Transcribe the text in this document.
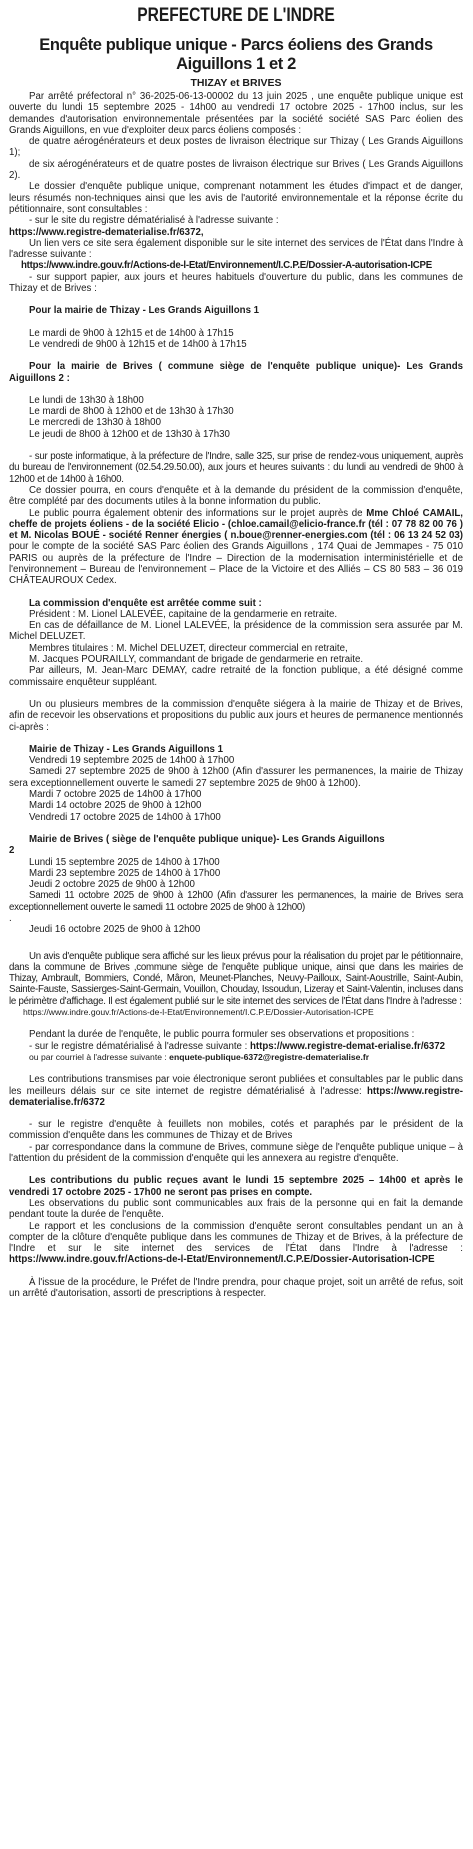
PREFECTURE DE L'INDRE
Enquête publique unique - Parcs éoliens des Grands Aiguillons 1 et 2
THIZAY et BRIVES

Par arrêté préfectoral n° 36-2025-06-13-00002 du 13 juin 2025 , une enquête publique unique est ouverte du lundi 15 septembre 2025 - 14h00 au vendredi 17 octobre 2025 - 17h00 inclus, sur les demandes d'autorisation environnementale présentées par la société société SAS Parc éolien des Grands Aiguillons, en vue d'exploiter deux parcs éoliens composés :

de quatre aérogénérateurs et deux postes de livraison électrique sur Thizay ( Les Grands Aiguillons 1);

de six aérogénérateurs et de quatre postes de livraison électrique sur Brives ( Les Grands Aiguillons 2).

Le dossier d'enquête publique unique, comprenant notamment les études d'impact et de danger, leurs résumés non-techniques ainsi que les avis de l'autorité environnementale et la réponse écrite du pétitionnaire, sont consultables :

- sur le site du registre dématérialisé à l'adresse suivante :

https://www.registre-dematerialise.fr/6372,

Un lien vers ce site sera également disponible sur le site internet des services de l'État dans l'Indre à l'adresse suivante :

https://www.indre.gouv.fr/Actions-de-l-Etat/Environnement/I.C.P.E/Dossier-A-autorisation-ICPE

- sur support papier, aux jours et heures habituels d'ouverture du public, dans les communes de Thizay et de Brives :

Pour la mairie de Thizay - Les Grands Aiguillons 1

Le mardi de 9h00 à 12h15 et de 14h00 à 17h15

Le vendredi de 9h00 à 12h15 et de 14h00 à 17h15

Pour la mairie de Brives ( commune siège de l'enquête publique unique)- Les Grands Aiguillons 2 :

Le lundi de 13h30 à 18h00

Le mardi de 8h00 à 12h00 et de 13h30 à 17h30

Le mercredi de 13h30 à 18h00

Le jeudi de 8h00 à 12h00 et de 13h30 à 17h30

- sur poste informatique, à la préfecture de l'Indre, salle 325, sur prise de rendez-vous uniquement, auprès du bureau de l'environnement (02.54.29.50.00), aux jours et heures suivants : du lundi au vendredi de 9h00 à 12h00 et de 14h00 à 16h00.

Ce dossier pourra, en cours d'enquête et à la demande du président de la commission d'enquête, être complété par des documents utiles à la bonne information du public.

Le public pourra également obtenir des informations sur le projet auprès de Mme Chloé CAMAIL, cheffe de projets éoliens - de la société Elicio - (chloe.camail@elicio-france.fr (tél : 07 78 82 00 76 ) et M. Nicolas BOUÉ - société Renner énergies ( n.boue@renner-energies.com (tél : 06 13 24 52 03) pour le compte de la société SAS Parc éolien des Grands Aiguillons , 174 Quai de Jemmapes - 75 010 PARIS ou auprès de la préfecture de l'Indre – Direction de la modernisation interministérielle et de l'environnement – Bureau de l'environnement – Place de la Victoire et des Alliés – CS 80 583 – 36 019 CHÂTEAUROUX Cedex.

La commission d'enquête est arrêtée comme suit :

Président : M. Lionel LALEVÉE, capitaine de la gendarmerie en retraite.

En cas de défaillance de M. Lionel LALEVÉE, la présidence de la commission sera assurée par M. Michel DELUZET.

Membres titulaires : M. Michel DELUZET, directeur commercial en retraite,

M. Jacques POURAILLY, commandant de brigade de gendarmerie en retraite.

Par ailleurs, M. Jean-Marc DEMAY, cadre retraité de la fonction publique, a été désigné comme commissaire enquêteur suppléant.

Un ou plusieurs membres de la commission d'enquête siégera à la mairie de Thizay et de Brives, afin de recevoir les observations et propositions du public aux jours et heures de permanence mentionnés ci-après :

Mairie de Thizay - Les Grands Aiguillons 1

Vendredi 19 septembre 2025 de 14h00 à 17h00

Samedi 27 septembre 2025 de 9h00 à 12h00 (Afin d'assurer les permanences, la mairie de Thizay sera exceptionnellement ouverte le samedi 27 septembre 2025 de 9h00 à 12h00).

Mardi 7 octobre 2025 de 14h00 à 17h00

Mardi 14 octobre 2025 de 9h00 à 12h00

Vendredi 17 octobre 2025 de 14h00 à 17h00

Mairie de Brives ( siège de l'enquête publique unique)- Les Grands Aiguillons

2

Lundi 15 septembre 2025 de 14h00 à 17h00

Mardi 23 septembre 2025 de 14h00 à 17h00

Jeudi 2 octobre 2025 de 9h00 à 12h00

Samedi 11 octobre 2025 de 9h00 à 12h00 (Afin d'assurer les permanences, la mairie de Brives sera exceptionnellement ouverte le samedi 11 octobre 2025 de 9h00 à 12h00)

.

Jeudi 16 octobre 2025 de 9h00 à 12h00

Un avis d'enquête publique sera affiché sur les lieux prévus pour la réalisation du projet par le pétitionnaire, dans la commune de Brives ,commune siège de l'enquête publique unique, ainsi que dans les mairies de Thizay, Ambrault, Bommiers, Condé, Mâron, Meunet-Planches, Neuvy-Pailloux, Saint-Aoustrille, Saint-Aubin, Sainte-Fauste, Sassierges-Saint-Germain, Vouillon, Chouday, Issoudun, Lizeray et Saint-Valentin, incluses dans le périmètre d'affichage. Il est également publié sur le site internet des services de l'État dans l'Indre à l'adresse :

https://www.indre.gouv.fr/Actions-de-l-Etat/Environnement/I.C.P.E/Dossier-Autorisation-ICPE

Pendant la durée de l'enquête, le public pourra formuler ses observations et propositions :

- sur le registre dématérialisé à l'adresse suivante : https://www.registre-demat-erialise.fr/6372

ou par courriel à l'adresse suivante : enquete-publique-6372@registre-dematerialise.fr

Les contributions transmises par voie électronique seront publiées et consultables par le public dans les meilleurs délais sur ce site internet de registre dématérialisé à l'adresse: https://www.registre-dematerialise.fr/6372

- sur le registre d'enquête à feuillets non mobiles, cotés et paraphés par le président de la commission d'enquête dans les communes de Thizay et de Brives

- par correspondance dans la commune de Brives, commune siège de l'enquête publique unique – à l'attention du président de la commission d'enquête qui les annexera au registre d'enquête.

Les contributions du public reçues avant le lundi 15 septembre 2025 – 14h00 et après le vendredi 17 octobre 2025 - 17h00 ne seront pas prises en compte.

Les observations du public sont communicables aux frais de la personne qui en fait la demande pendant toute la durée de l'enquête.

Le rapport et les conclusions de la commission d'enquête seront consultables pendant un an à compter de la clôture d'enquête publique dans les communes de Thizay et de Brives, à la préfecture de l'Indre et sur le site internet des services de l'État dans l'Indre à l'adresse : https://www.indre.gouv.fr/Actions-de-l-Etat/Environnement/I.C.P.E/Dossier-Autorisation-ICPE

À l'issue de la procédure, le Préfet de l'Indre prendra, pour chaque projet, soit un arrêté de refus, soit un arrêté d'autorisation, assorti de prescriptions à respecter.
